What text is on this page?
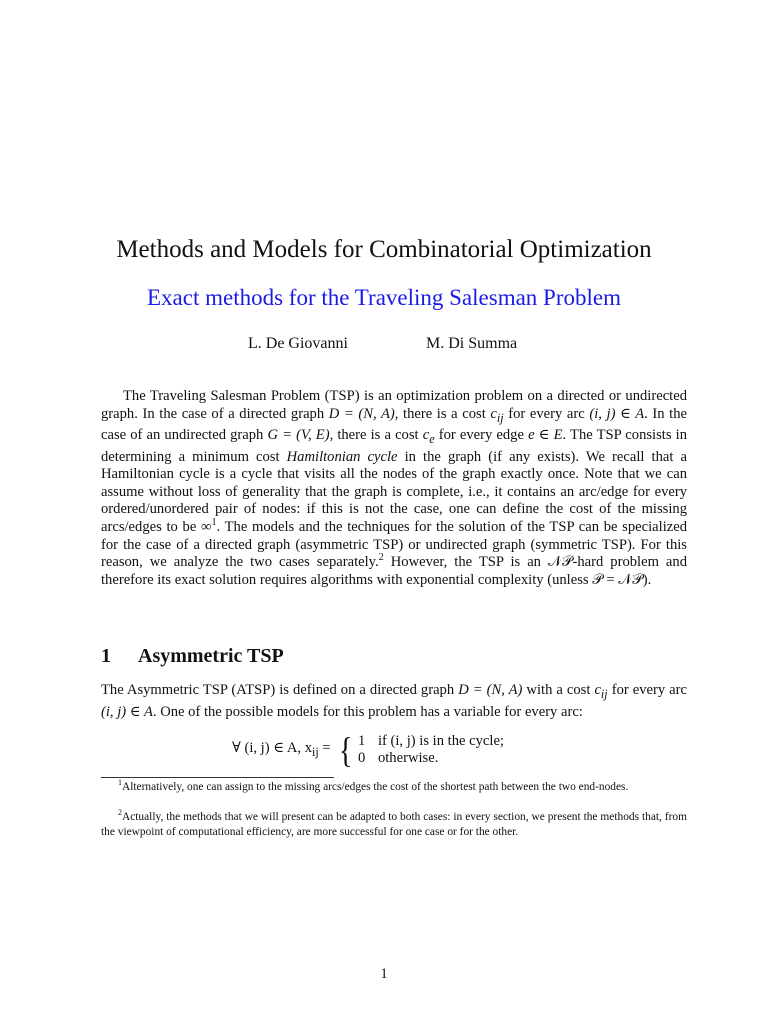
Methods and Models for Combinatorial Optimization
Exact methods for the Traveling Salesman Problem
L. De Giovanni	M. Di Summa
The Traveling Salesman Problem (TSP) is an optimization problem on a directed or undirected graph. In the case of a directed graph D = (N, A), there is a cost $c_{ij}$ for every arc (i, j) ∈ A. In the case of an undirected graph G = (V, E), there is a cost $c_e$ for every edge e ∈ E. The TSP consists in determining a minimum cost Hamiltonian cycle in the graph (if any exists). We recall that a Hamiltonian cycle is a cycle that visits all the nodes of the graph exactly once. Note that we can assume without loss of generality that the graph is complete, i.e., it contains an arc/edge for every ordered/unordered pair of nodes: if this is not the case, one can define the cost of the missing arcs/edges to be ∞$^1$. The models and the techniques for the solution of the TSP can be specialized for the case of a directed graph (asymmetric TSP) or undirected graph (symmetric TSP). For this reason, we analyze the two cases separately.$^2$ However, the TSP is an 𝒩𝒫-hard problem and therefore its exact solution requires algorithms with exponential complexity (unless 𝒫 = 𝒩𝒫).
1 Asymmetric TSP
The Asymmetric TSP (ATSP) is defined on a directed graph D = (N, A) with a cost $c_{ij}$ for every arc (i, j) ∈ A. One of the possible models for this problem has a variable for every arc:
∀ (i, j) ∈ A, $x_{ij}$ = { 1 if (i, j) is in the cycle;
0 otherwise.
$^1$Alternatively, one can assign to the missing arcs/edges the cost of the shortest path between the two end-nodes.
$^2$Actually, the methods that we will present can be adapted to both cases: in every section, we present the methods that, from the viewpoint of computational efficiency, are more successful for one case or for the other.
1
